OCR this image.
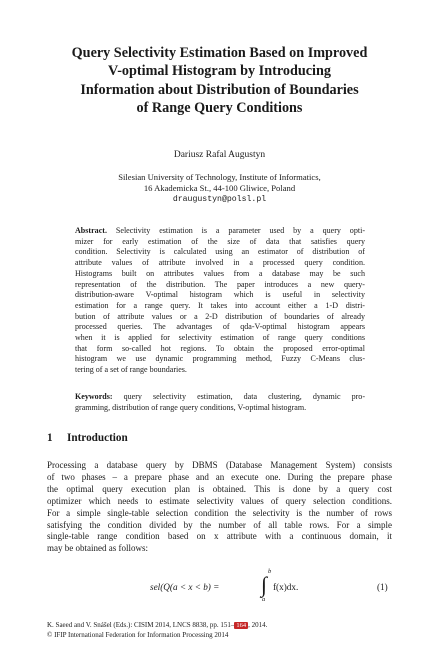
Query Selectivity Estimation Based on Improved
V-optimal Histogram by Introducing
Information about Distribution of Boundaries
of Range Query Conditions
Dariusz Rafal Augustyn
Silesian University of Technology, Institute of Informatics,
16 Akademicka St., 44-100 Gliwice, Poland
draugustyn@polsl.pl
Abstract. Selectivity estimation is a parameter used by a query opti-
mizer for early estimation of the size of data that satisfies query
condition. Selectivity is calculated using an estimator of distribution of
attribute values of attribute involved in a processed query condition.
Histograms built on attributes values from a database may be such
representation of the distribution. The paper introduces a new query-
distribution-aware V-optimal histogram which is useful in selectivity
estimation for a range query. It takes into account either a 1-D distri-
bution of attribute values or a 2-D distribution of boundaries of already
processed queries. The advantages of qda-V-optimal histogram appears
when it is applied for selectivity estimation of range query conditions
that form so-called hot regions. To obtain the proposed error-optimal
histogram we use dynamic programming method, Fuzzy C-Means clus-
tering of a set of range boundaries.
Keywords: query selectivity estimation, data clustering, dynamic pro-
gramming, distribution of range query conditions, V-optimal histogram.
1 Introduction
Processing a database query by DBMS (Database Management System) consists
of two phases – a prepare phase and an execute one. During the prepare phase
the optimal query execution plan is obtained. This is done by a query cost
optimizer which needs to estimate selectivity values of query selection conditions.
For a simple single-table selection condition the selectivity is the number of rows
satisfying the condition divided by the number of all table rows. For a simple
single-table range condition based on x attribute with a continuous domain, it
may be obtained as follows:
sel(Q(a < x < b) = ∫
b
a
f(x)dx.	(1)
K. Saeed and V. Snášel (Eds.): CISIM 2014, LNCS 8838, pp. 151– 164 , 2014.
© IFIP International Federation for Information Processing 2014
